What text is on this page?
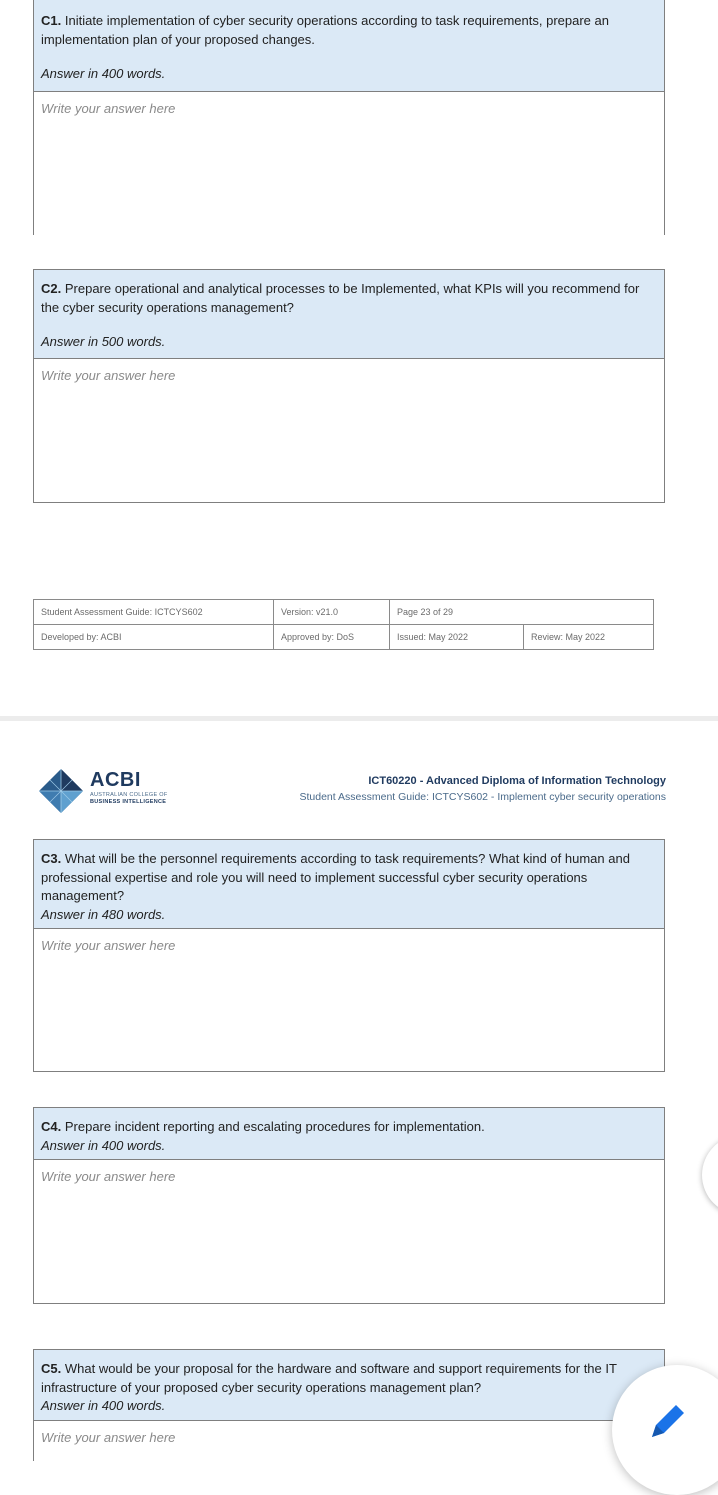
C1. Initiate implementation of cyber security operations according to task requirements, prepare an implementation plan of your proposed changes.
Answer in 400 words.
Write your answer here
C2. Prepare operational and analytical processes to be Implemented, what KPIs will you recommend for the cyber security operations management?
Answer in 500 words.
Write your answer here
Student Assessment Guide: ICTCYS602	Version: v21.0	Page 23 of 29	
Developed by: ACBI	Approved by: DoS	Issued: May 2022	Review: May 2022
ACBI
AUSTRALIAN COLLEGE OF
BUSINESS INTELLIGENCE
ICT60220 - Advanced Diploma of Information Technology
Student Assessment Guide: ICTCYS602 - Implement cyber security operations
C3. What will be the personnel requirements according to task requirements? What kind of human and professional expertise and role you will need to implement successful cyber security operations management?
Answer in 480 words.
Write your answer here
C4. Prepare incident reporting and escalating procedures for implementation.
Answer in 400 words.
Write your answer here
C5. What would be your proposal for the hardware and software and support requirements for the IT infrastructure of your proposed cyber security operations management plan?
Answer in 400 words.
Write your answer here
